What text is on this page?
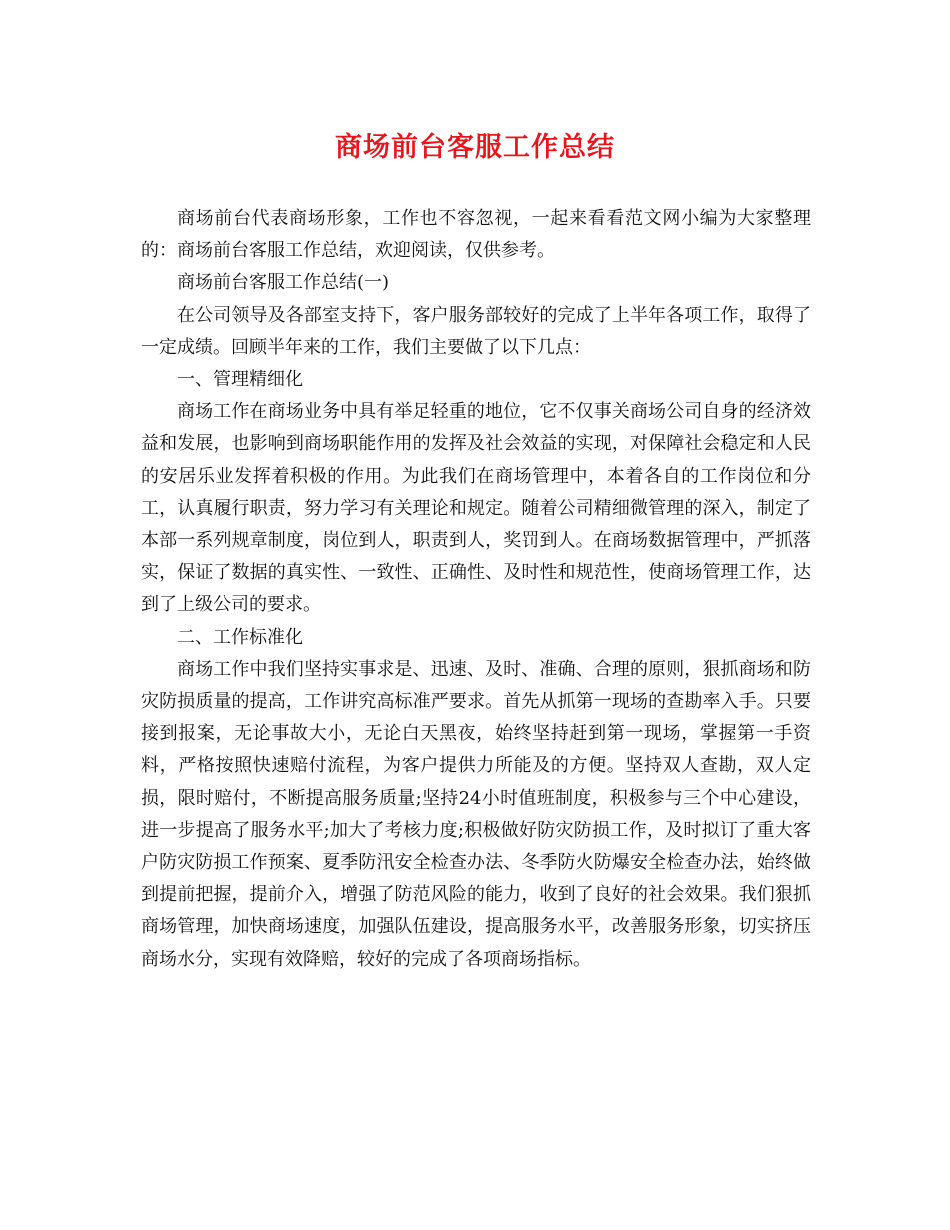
商场前台客服工作总结

商场前台代表商场形象，工作也不容忽视，一起来看看范文网小编为大家整理的：商场前台客服工作总结，欢迎阅读，仅供参考。

商场前台客服工作总结(一)

在公司领导及各部室支持下，客户服务部较好的完成了上半年各项工作，取得了一定成绩。回顾半年来的工作，我们主要做了以下几点：

一、管理精细化

商场工作在商场业务中具有举足轻重的地位，它不仅事关商场公司自身的经济效益和发展，也影响到商场职能作用的发挥及社会效益的实现，对保障社会稳定和人民的安居乐业发挥着积极的作用。为此我们在商场管理中，本着各自的工作岗位和分工，认真履行职责，努力学习有关理论和规定。随着公司精细微管理的深入，制定了本部一系列规章制度，岗位到人，职责到人，奖罚到人。在商场数据管理中，严抓落实，保证了数据的真实性、一致性、正确性、及时性和规范性，使商场管理工作，达到了上级公司的要求。

二、工作标准化

商场工作中我们坚持实事求是、迅速、及时、准确、合理的原则，狠抓商场和防灾防损质量的提高，工作讲究高标准严要求。首先从抓第一现场的查勘率入手。只要接到报案，无论事故大小，无论白天黑夜，始终坚持赶到第一现场，掌握第一手资料，严格按照快速赔付流程，为客户提供力所能及的方便。坚持双人查勘，双人定损，限时赔付，不断提高服务质量;坚持24小时值班制度，积极参与三个中心建设，进一步提高了服务水平;加大了考核力度;积极做好防灾防损工作，及时拟订了重大客户防灾防损工作预案、夏季防汛安全检查办法、冬季防火防爆安全检查办法，始终做到提前把握，提前介入，增强了防范风险的能力，收到了良好的社会效果。我们狠抓商场管理，加快商场速度，加强队伍建设，提高服务水平，改善服务形象，切实挤压商场水分，实现有效降赔，较好的完成了各项商场指标。
